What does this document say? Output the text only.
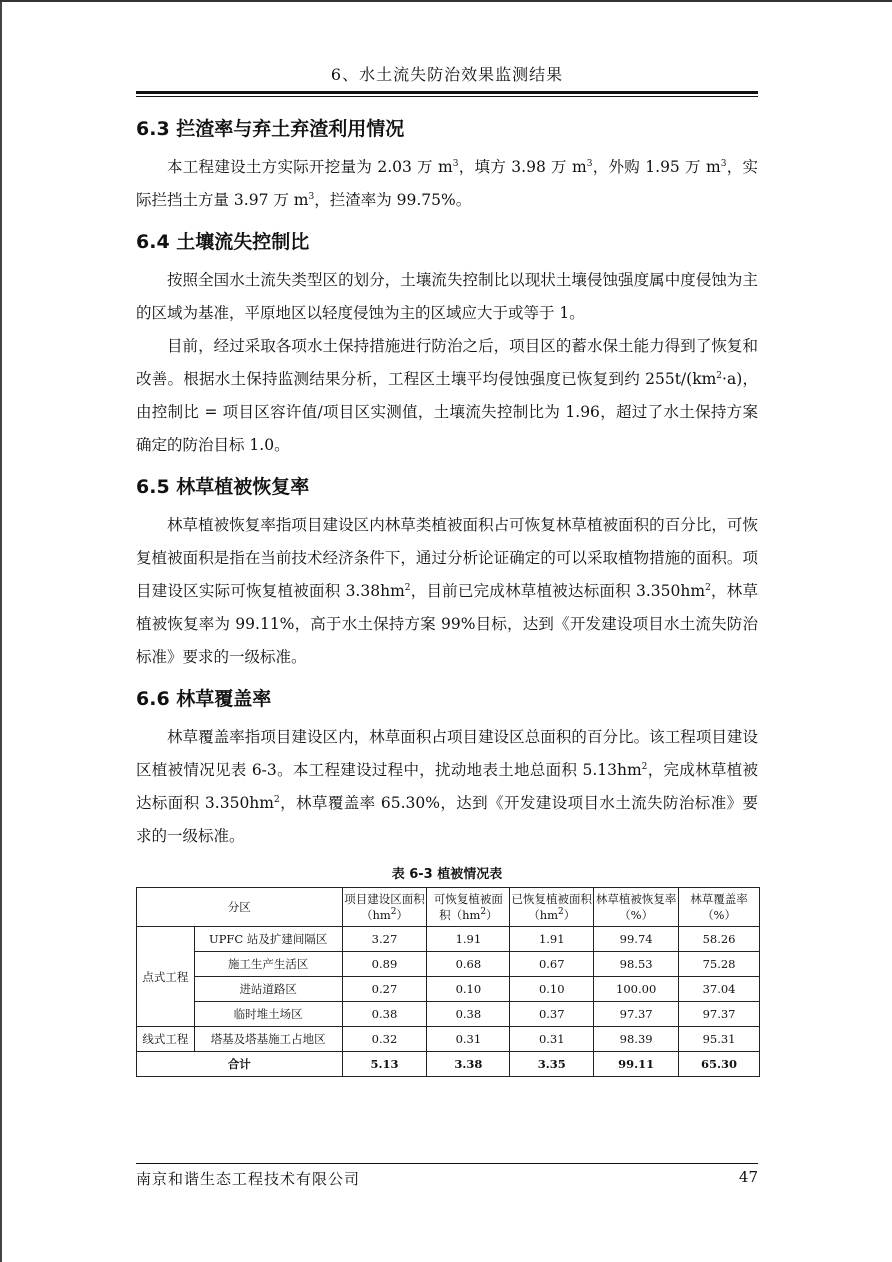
6、水土流失防治效果监测结果
6.3 拦渣率与弃土弃渣利用情况

本工程建设土方实际开挖量为 2.03 万 $m^3$，填方 3.98 万 $m^3$，外购 1.95 万 $m^3$，实际拦挡土方量 3.97 万 $m^3$，拦渣率为 99.75%。

6.4 土壤流失控制比

按照全国水土流失类型区的划分，土壤流失控制比以现状土壤侵蚀强度属中度侵蚀为主的区域为基准，平原地区以轻度侵蚀为主的区域应大于或等于 1。

目前，经过采取各项水土保持措施进行防治之后，项目区的蓄水保土能力得到了恢复和改善。根据水土保持监测结果分析，工程区土壤平均侵蚀强度已恢复到约 $255t/(km^2\cdot a)$，由控制比 = 项目区容许值/项目区实测值，土壤流失控制比为 1.96，超过了水土保持方案确定的防治目标 1.0。

6.5 林草植被恢复率

林草植被恢复率指项目建设区内林草类植被面积占可恢复林草植被面积的百分比，可恢复植被面积是指在当前技术经济条件下，通过分析论证确定的可以采取植物措施的面积。项目建设区实际可恢复植被面积 $3.38hm^2$，目前已完成林草植被达标面积 $3.350hm^2$，林草植被恢复率为 99.11%，高于水土保持方案 99%目标，达到《开发建设项目水土流失防治标准》要求的一级标准。

6.6 林草覆盖率

林草覆盖率指项目建设区内，林草面积占项目建设区总面积的百分比。该工程项目建设区植被情况见表 6-3。本工程建设过程中，扰动地表土地总面积 $5.13hm^2$，完成林草植被达标面积 $3.350hm^2$，林草覆盖率 65.30%，达到《开发建设项目水土流失防治标准》要求的一级标准。

表 6-3 植被情况表
分区		项目建设区面积$(hm^2)$	可恢复植被面积$(hm^2)$	已恢复植被面积$(hm^2)$	林草植被恢复率（%）	林草覆盖率（%）
点式工程	UPFC 站及扩建间隔区	3.27	1.91	1.91	99.74	58.26
	施工生产生活区	0.89	0.68	0.67	98.53	75.28
	进站道路区	0.27	0.10	0.10	100.00	37.04
	临时堆土场区	0.38	0.38	0.37	97.37	97.37
线式工程	塔基及塔基施工占地区	0.32	0.31	0.31	98.39	95.31
合计		5.13	3.38	3.35	99.11	65.30
南京和谐生态工程技术有限公司	47
